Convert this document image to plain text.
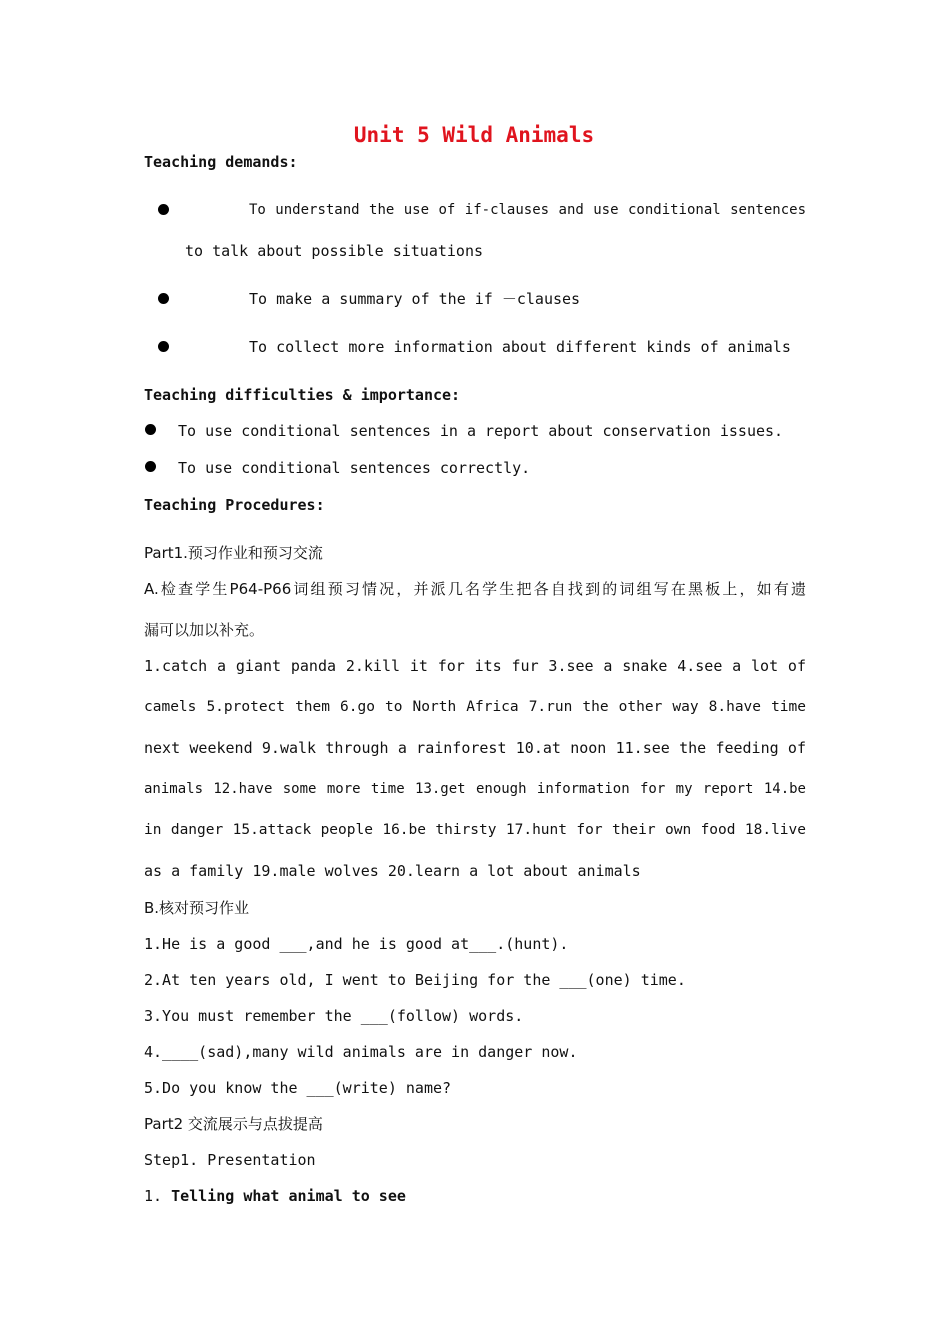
Unit 5 Wild Animals
Teaching demands:
To understand the use of if-clauses and use conditional sentences
to talk about possible situations
To make a summary of the if －clauses
To collect more information about different kinds of animals
Teaching difficulties & importance:
To use conditional sentences in a report about conservation issues.
To use conditional sentences correctly.
Teaching Procedures:
Part1.预习作业和预习交流
A.检查学生P64-P66词组预习情况，并派几名学生把各自找到的词组写在黑板上，如有遗
漏可以加以补充。
1.catch a giant panda 2.kill it for its fur 3.see a snake 4.see a lot of
camels 5.protect them 6.go to North Africa 7.run the other way 8.have time
next weekend 9.walk through a rainforest 10.at noon 11.see the feeding of
animals 12.have some more time 13.get enough information for my report 14.be
in danger 15.attack people 16.be thirsty 17.hunt for their own food 18.live
as a family 19.male wolves 20.learn a lot about animals
B.核对预习作业
1.He is a good ___,and he is good at___.(hunt).
2.At ten years old, I went to Beijing for the ___(one) time.
3.You must remember the ___(follow) words.
4.____(sad),many wild animals are in danger now.
5.Do you know the ___(write) name?
Part2 交流展示与点拔提高
Step1. Presentation
1. Telling what animal to see
